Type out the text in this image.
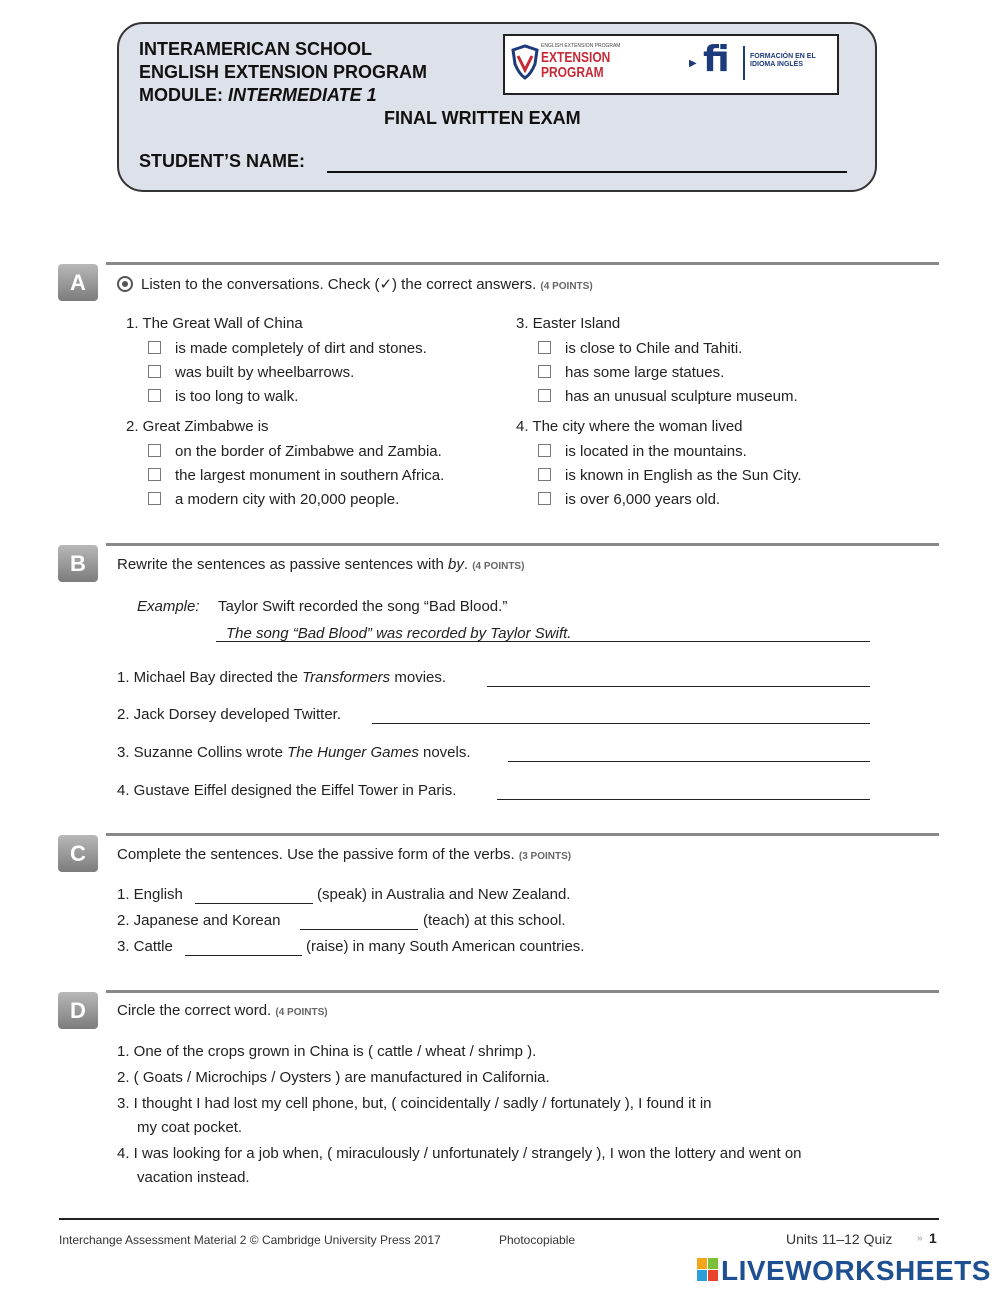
INTERAMERICAN SCHOOL
ENGLISH EXTENSION PROGRAM
MODULE: INTERMEDIATE 1
FINAL WRITTEN EXAM
STUDENT’S NAME:
ENGLISH EXTENSION PROGRAM
EXTENSION
PROGRAM
▶ fi	FORMACIÓN EN EL
IDIOMA INGLÉS
A	Listen to the conversations. Check (✓) the correct answers. (4 POINTS)
1. The Great Wall of China
is made completely of dirt and stones.
was built by wheelbarrows.
is too long to walk.
2. Great Zimbabwe is
on the border of Zimbabwe and Zambia.
the largest monument in southern Africa.
a modern city with 20,000 people.
3. Easter Island
is close to Chile and Tahiti.
has some large statues.
has an unusual sculpture museum.
4. The city where the woman lived
is located in the mountains.
is known in English as the Sun City.
is over 6,000 years old.
B	Rewrite the sentences as passive sentences with by. (4 POINTS)
Example: Taylor Swift recorded the song “Bad Blood.”
The song “Bad Blood” was recorded by Taylor Swift.
1. Michael Bay directed the Transformers movies.
2. Jack Dorsey developed Twitter.
3. Suzanne Collins wrote The Hunger Games novels.
4. Gustave Eiffel designed the Eiffel Tower in Paris.
C	Complete the sentences. Use the passive form of the verbs. (3 POINTS)
1. English	(speak) in Australia and New Zealand.
2. Japanese and Korean	(teach) at this school.
3. Cattle	(raise) in many South American countries.
D	Circle the correct word. (4 POINTS)
1. One of the crops grown in China is ( cattle / wheat / shrimp ).
2. ( Goats / Microchips / Oysters ) are manufactured in California.
3. I thought I had lost my cell phone, but, ( coincidentally / sadly / fortunately ), I found it in
my coat pocket.
4. I was looking for a job when, ( miraculously / unfortunately / strangely ), I won the lottery and went on
vacation instead.
Interchange Assessment Material 2 © Cambridge University Press 2017	Photocopiable	Units 11–12 Quiz » 1
LIVEWORKSHEETS
